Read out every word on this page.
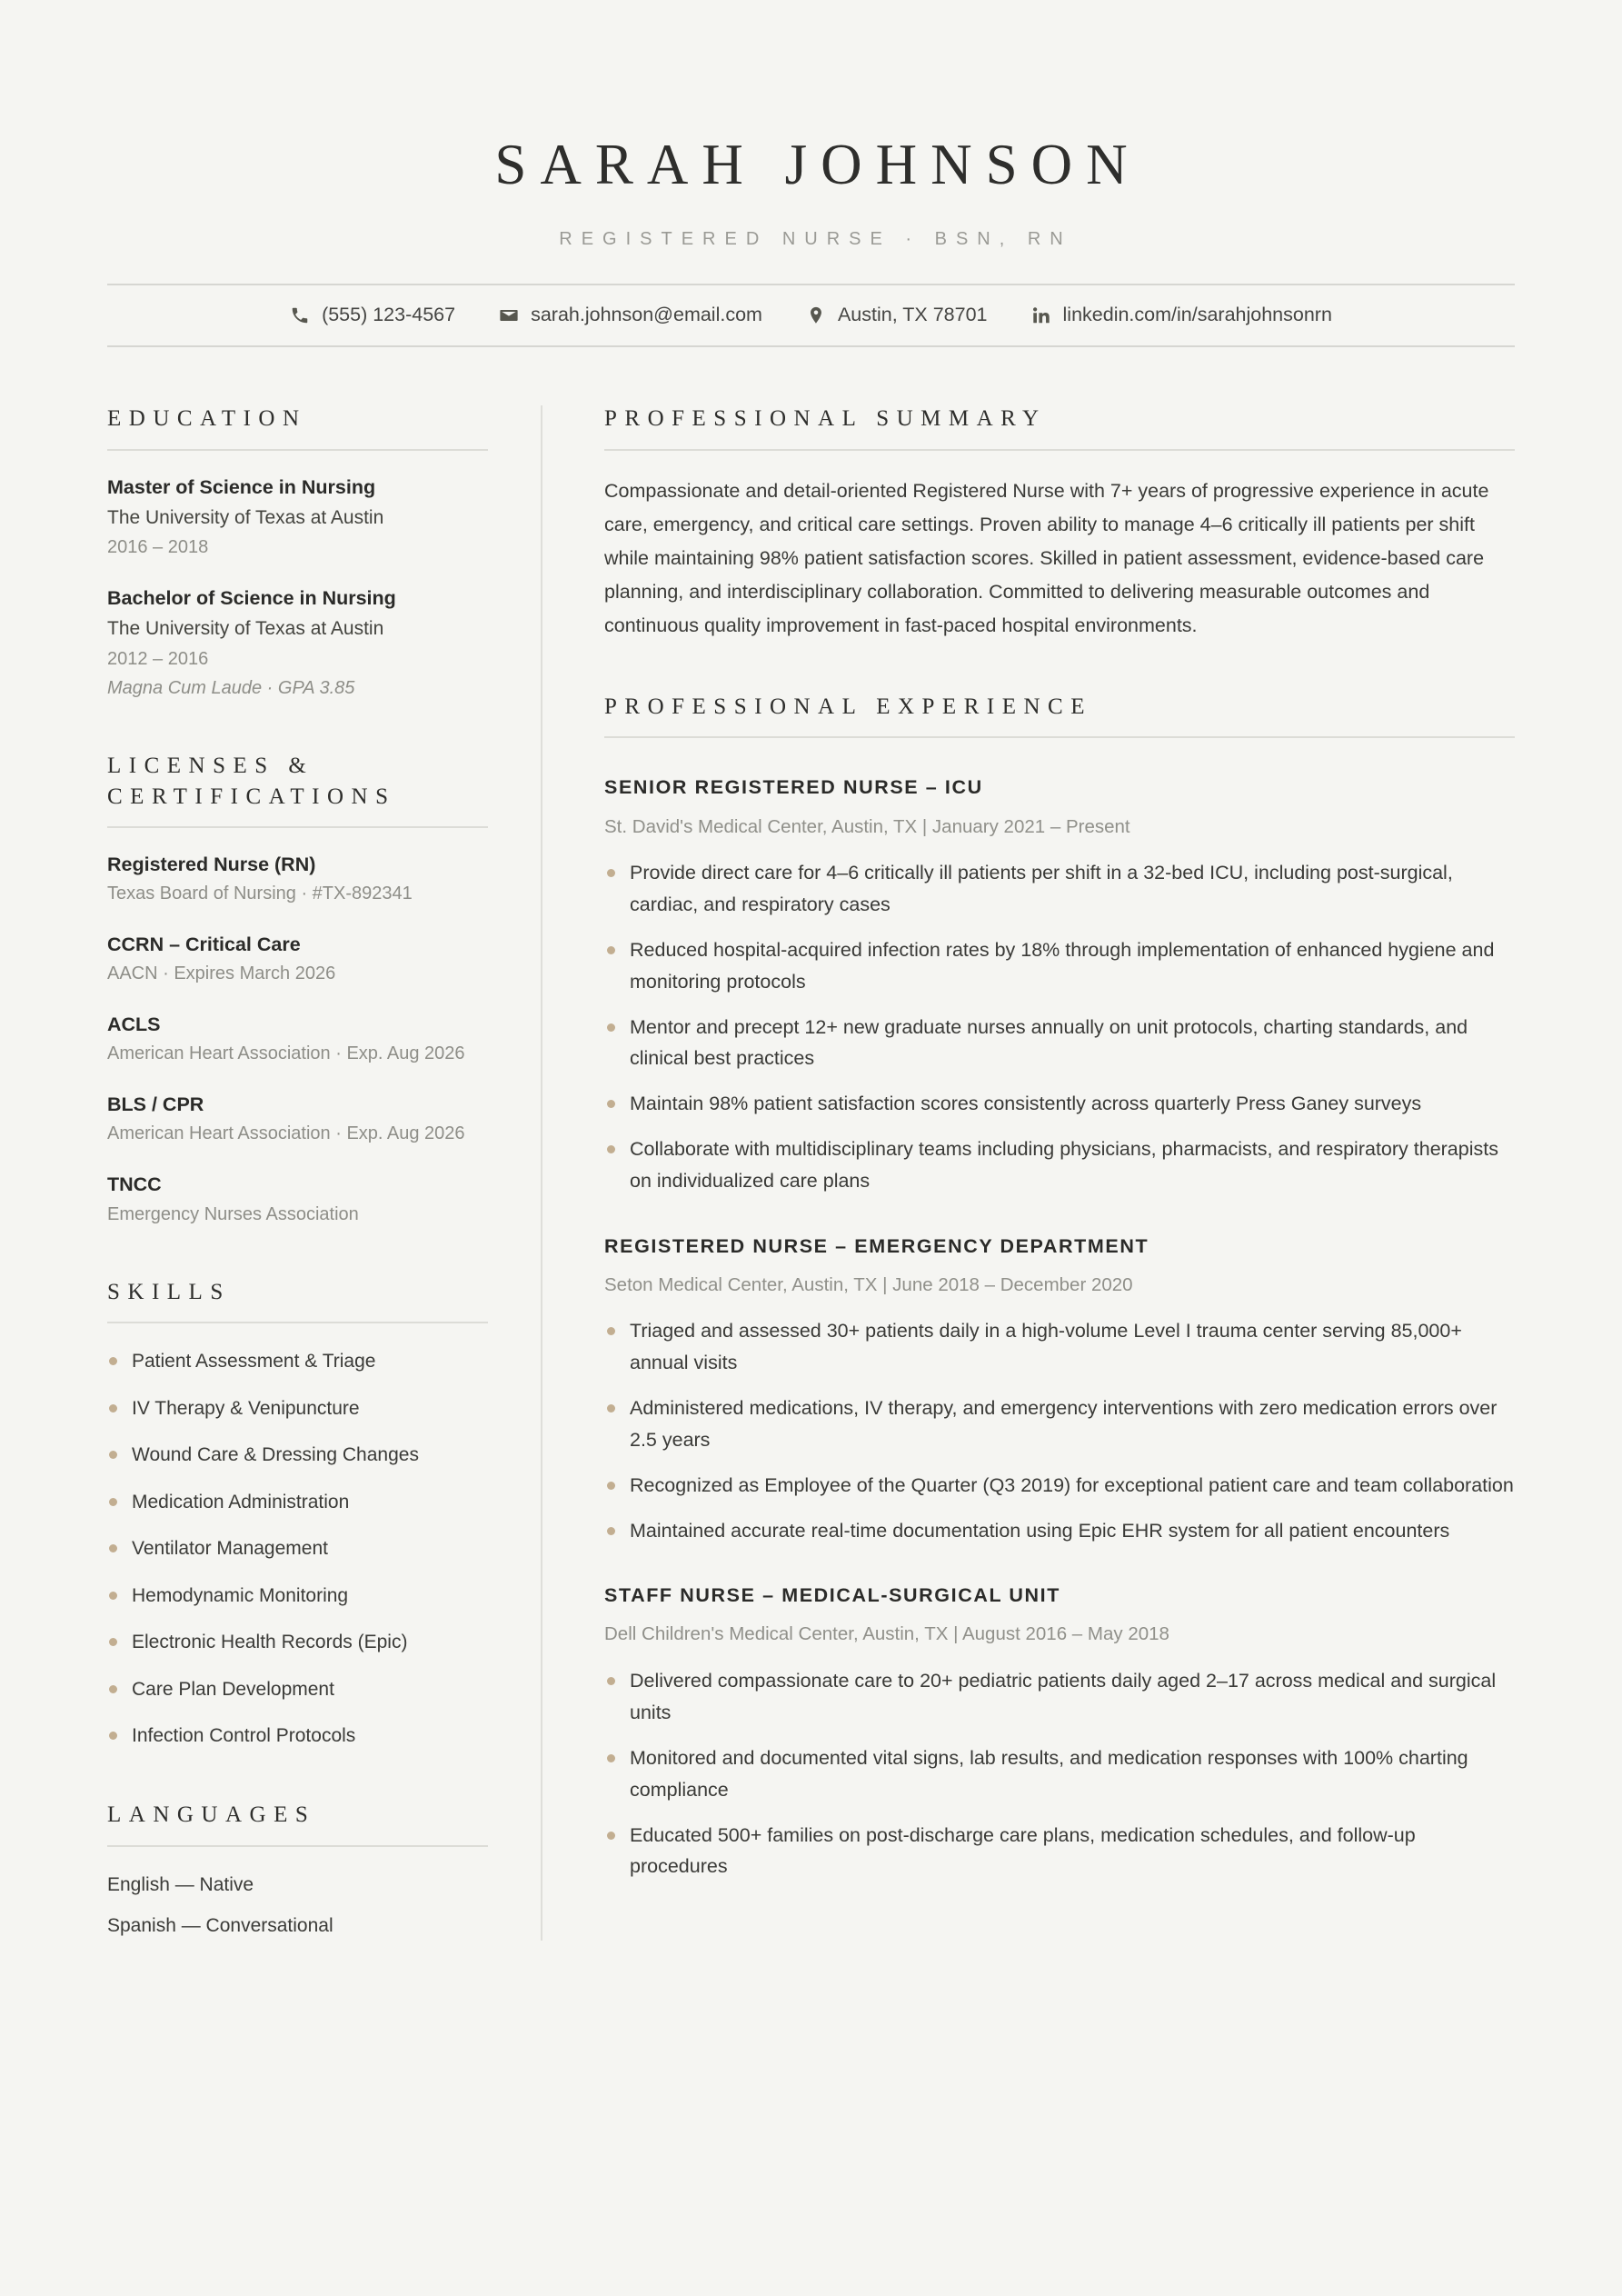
SARAH JOHNSON
REGISTERED NURSE · BSN, RN
(555) 123-4567	sarah.johnson@email.com	Austin, TX 78701	linkedin.com/in/sarahjohnsonrn
EDUCATION
Master of Science in Nursing
The University of Texas at Austin
2016 – 2018
Bachelor of Science in Nursing
The University of Texas at Austin
2012 – 2016
Magna Cum Laude · GPA 3.85
LICENSES & CERTIFICATIONS
Registered Nurse (RN)
Texas Board of Nursing · #TX-892341
CCRN – Critical Care
AACN · Expires March 2026
ACLS
American Heart Association · Exp. Aug 2026
BLS / CPR
American Heart Association · Exp. Aug 2026
TNCC
Emergency Nurses Association
SKILLS
Patient Assessment & Triage
IV Therapy & Venipuncture
Wound Care & Dressing Changes
Medication Administration
Ventilator Management
Hemodynamic Monitoring
Electronic Health Records (Epic)
Care Plan Development
Infection Control Protocols
LANGUAGES
English — Native
Spanish — Conversational
PROFESSIONAL SUMMARY

Compassionate and detail-oriented Registered Nurse with 7+ years of progressive experience in acute care, emergency, and critical care settings. Proven ability to manage 4–6 critically ill patients per shift while maintaining 98% patient satisfaction scores. Skilled in patient assessment, evidence-based care planning, and interdisciplinary collaboration. Committed to delivering measurable outcomes and continuous quality improvement in fast-paced hospital environments.

PROFESSIONAL EXPERIENCE
SENIOR REGISTERED NURSE – ICU
St. David's Medical Center, Austin, TX | January 2021 – Present
Provide direct care for 4–6 critically ill patients per shift in a 32-bed ICU, including post-surgical, cardiac, and respiratory cases
Reduced hospital-acquired infection rates by 18% through implementation of enhanced hygiene and monitoring protocols
Mentor and precept 12+ new graduate nurses annually on unit protocols, charting standards, and clinical best practices
Maintain 98% patient satisfaction scores consistently across quarterly Press Ganey surveys
Collaborate with multidisciplinary teams including physicians, pharmacists, and respiratory therapists on individualized care plans
REGISTERED NURSE – EMERGENCY DEPARTMENT
Seton Medical Center, Austin, TX | June 2018 – December 2020
Triaged and assessed 30+ patients daily in a high-volume Level I trauma center serving 85,000+ annual visits
Administered medications, IV therapy, and emergency interventions with zero medication errors over 2.5 years
Recognized as Employee of the Quarter (Q3 2019) for exceptional patient care and team collaboration
Maintained accurate real-time documentation using Epic EHR system for all patient encounters
STAFF NURSE – MEDICAL-SURGICAL UNIT
Dell Children's Medical Center, Austin, TX | August 2016 – May 2018
Delivered compassionate care to 20+ pediatric patients daily aged 2–17 across medical and surgical units
Monitored and documented vital signs, lab results, and medication responses with 100% charting compliance
Educated 500+ families on post-discharge care plans, medication schedules, and follow-up procedures
